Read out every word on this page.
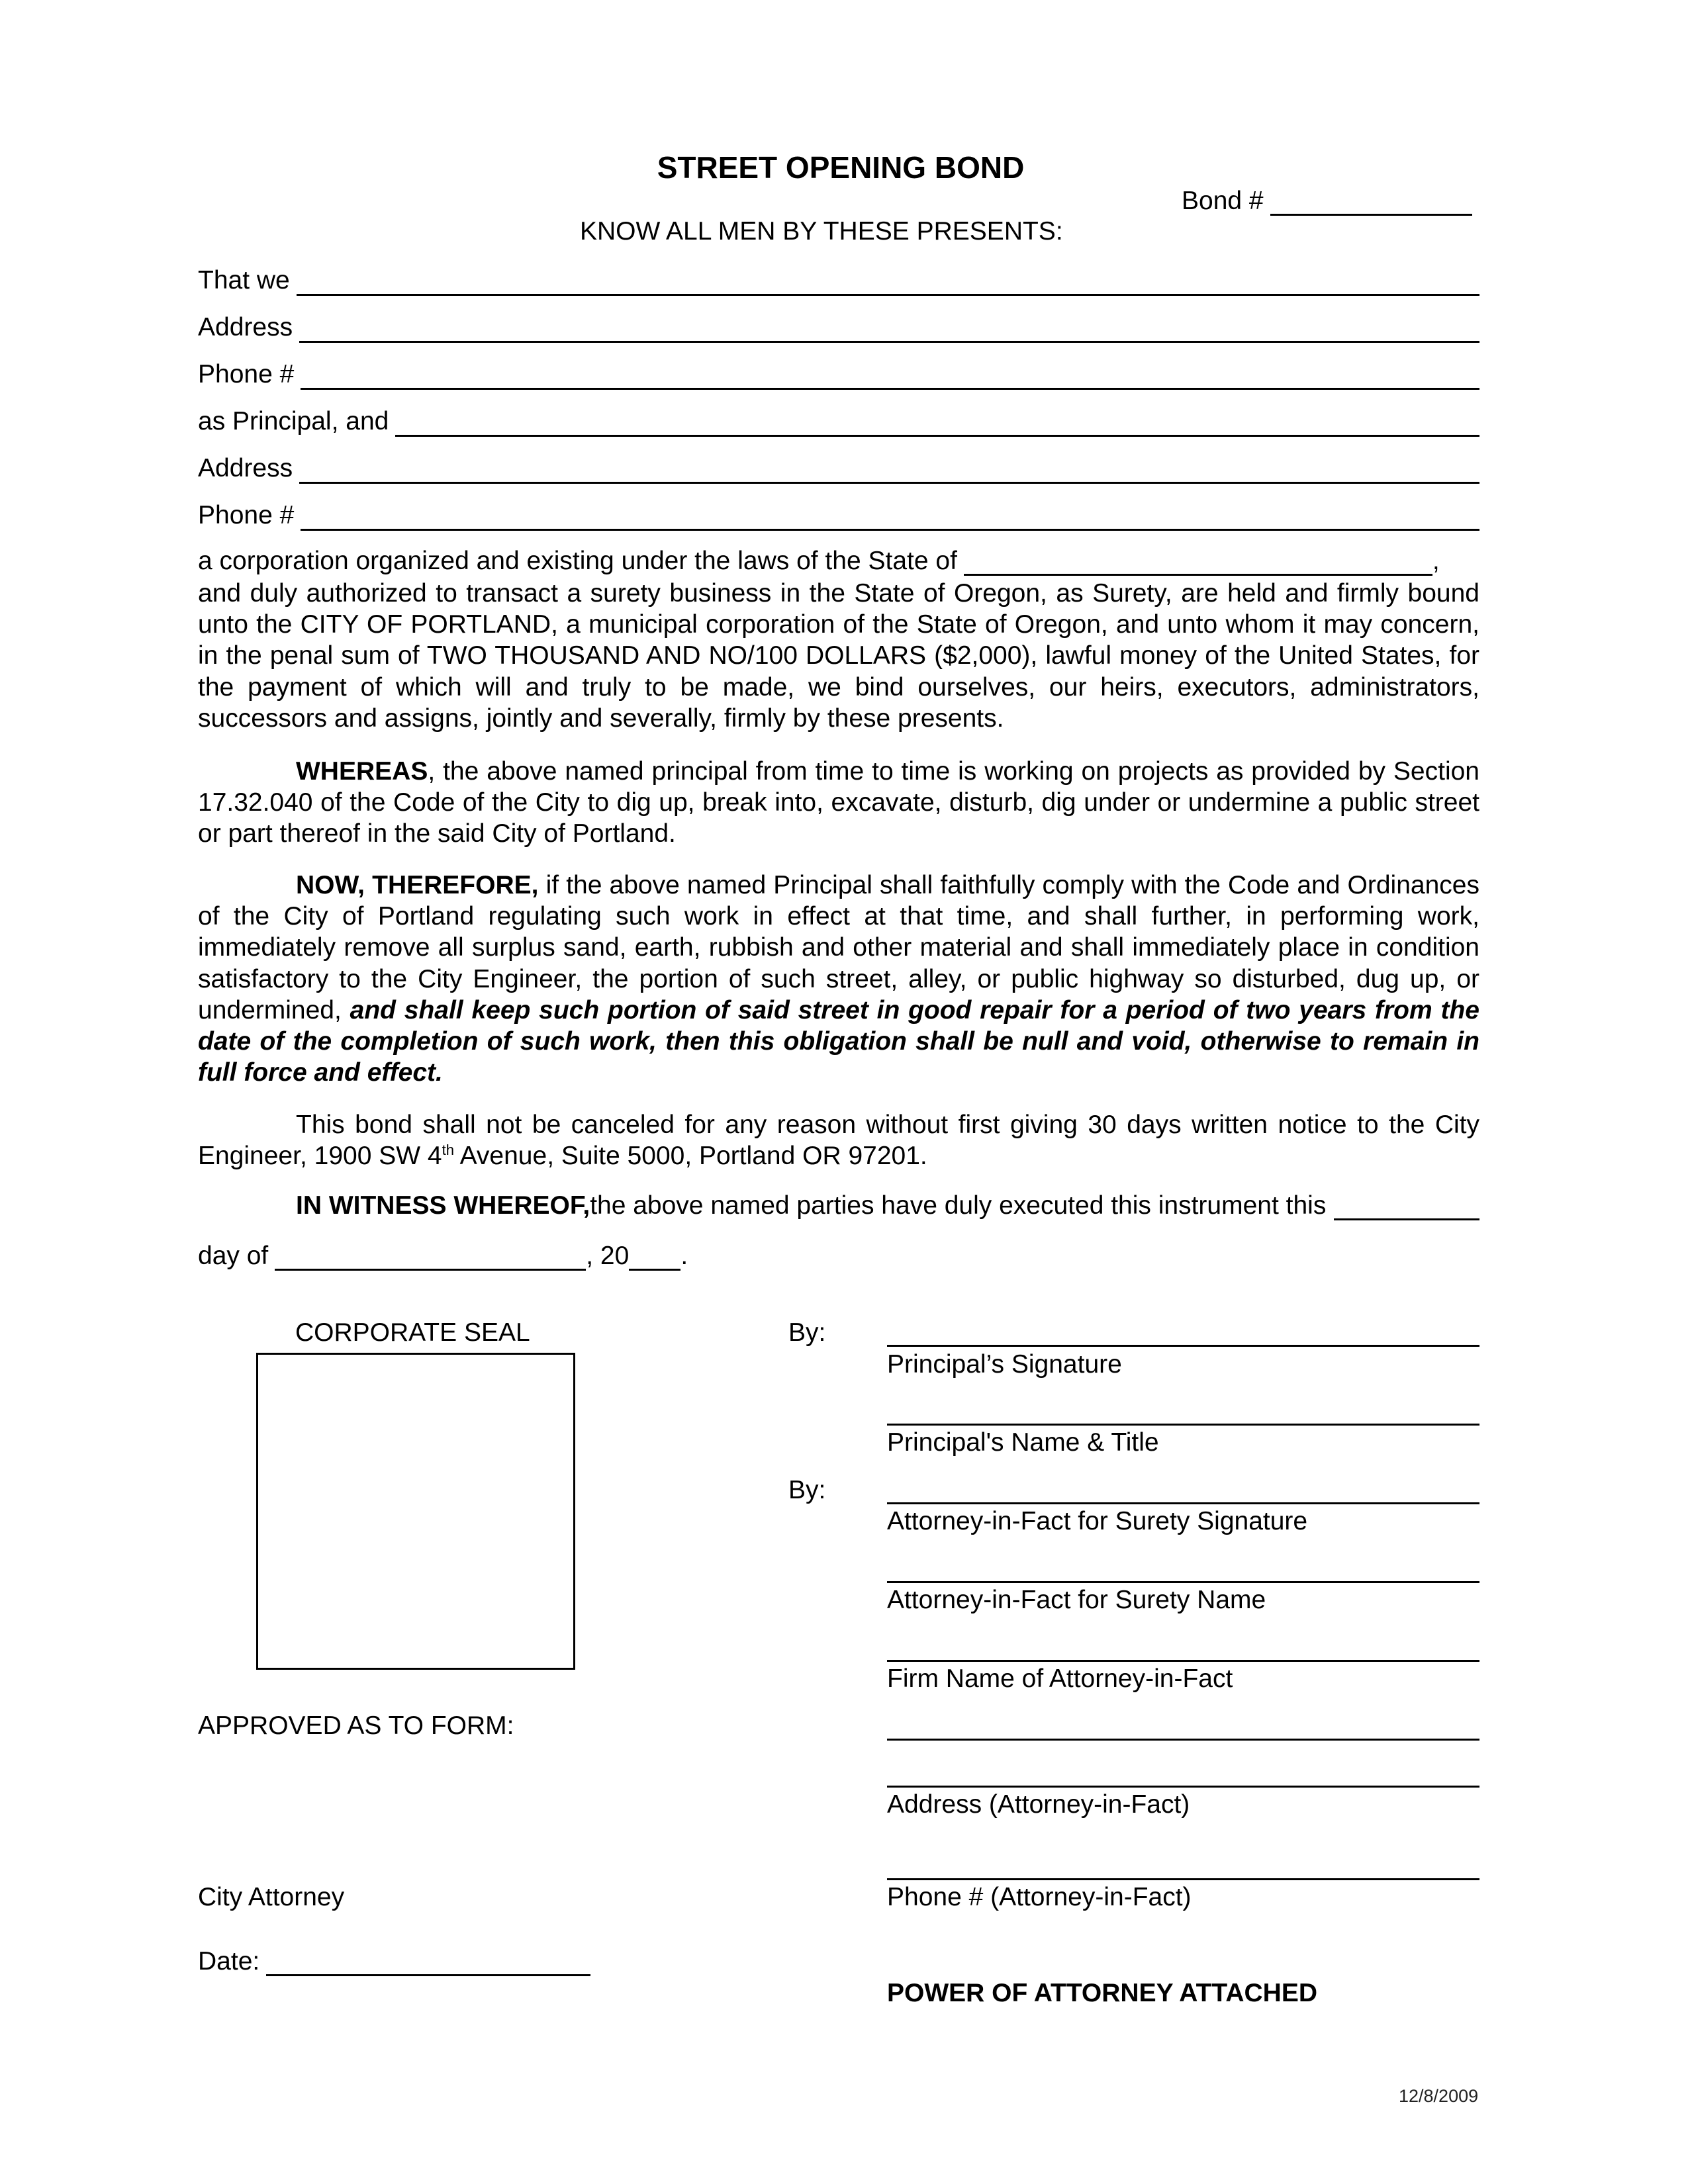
STREET OPENING BOND
Bond #
KNOW ALL MEN BY THESE PRESENTS:
That we
Address
Phone #
as Principal, and
Address
Phone #
a corporation organized and existing under the laws of the State of	,
and duly authorized to transact a surety business in the State of Oregon, as Surety, are held and firmly bound unto the CITY OF PORTLAND, a municipal corporation of the State of Oregon, and unto whom it may concern, in the penal sum of TWO THOUSAND AND NO/100 DOLLARS ($2,000), lawful money of the United States, for the payment of which will and truly to be made, we bind ourselves, our heirs, executors, administrators, successors and assigns, jointly and severally, firmly by these presents.
WHEREAS, the above named principal from time to time is working on projects as provided by Section 17.32.040 of the Code of the City to dig up, break into, excavate, disturb, dig under or undermine a public street or part thereof in the said City of Portland.
NOW, THEREFORE, if the above named Principal shall faithfully comply with the Code and Ordinances of the City of Portland regulating such work in effect at that time, and shall further, in performing work, immediately remove all surplus sand, earth, rubbish and other material and shall immediately place in condition satisfactory to the City Engineer, the portion of such street, alley, or public highway so disturbed, dug up, or undermined, and shall keep such portion of said street in good repair for a period of two years from the date of the completion of such work, then this obligation shall be null and void, otherwise to remain in full force and effect.
This bond shall not be canceled for any reason without first giving 30 days written notice to the City Engineer, 1900 SW 4th Avenue, Suite 5000, Portland OR 97201.
IN WITNESS WHEREOF, the above named parties have duly executed this instrument this
day of	, 20 .
CORPORATE SEAL	By:
Principal’s Signature
Principal's Name & Title
By:
Attorney-in-Fact for Surety Signature
Attorney-in-Fact for Surety Name
Firm Name of Attorney-in-Fact
Address (Attorney-in-Fact)
Phone # (Attorney-in-Fact)
POWER OF ATTORNEY ATTACHED
APPROVED AS TO FORM:
City Attorney
Date:
12/8/2009
